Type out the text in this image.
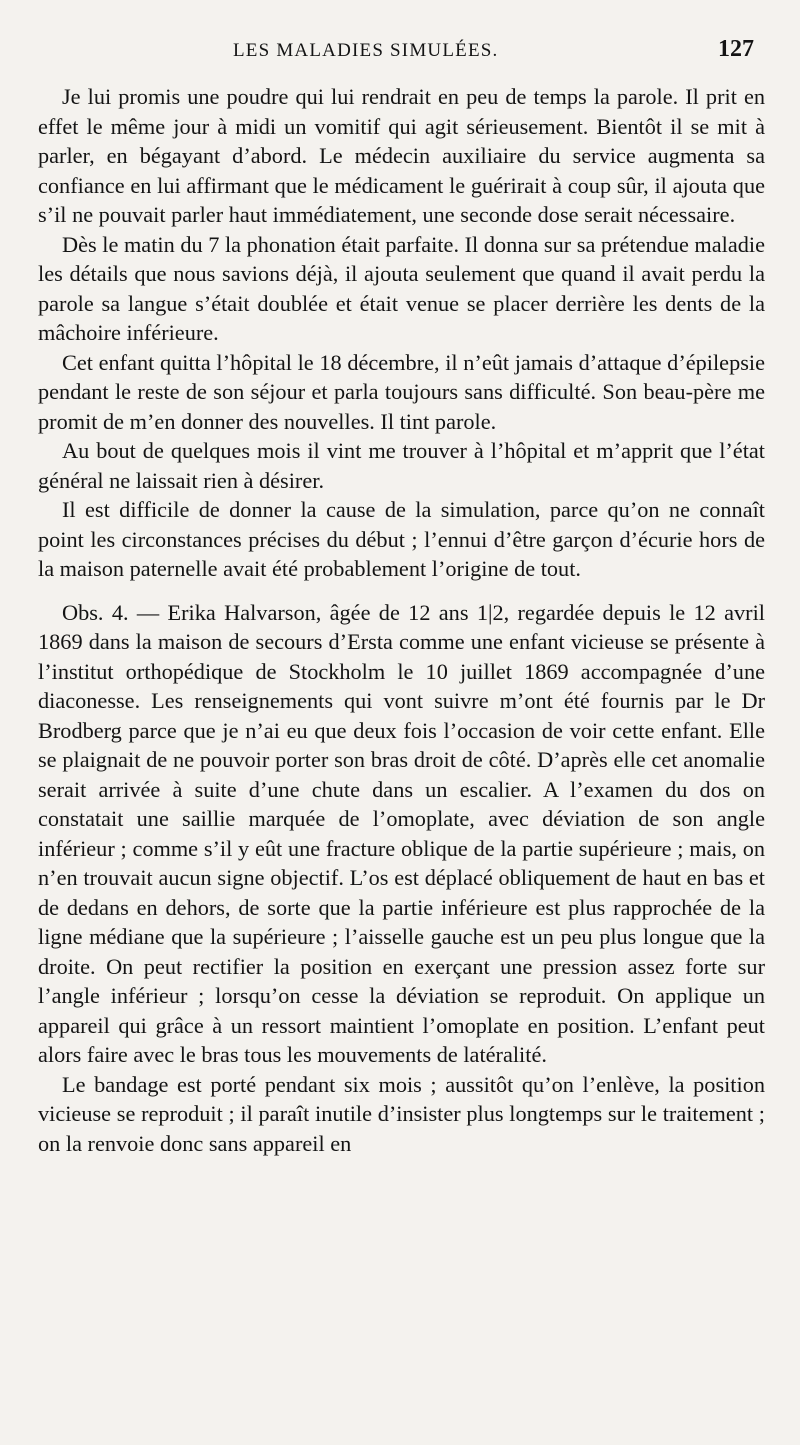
LES MALADIES SIMULÉES.	127

Je lui promis une poudre qui lui rendrait en peu de temps la parole. Il prit en effet le même jour à midi un vomitif qui agit sérieusement. Bientôt il se mit à parler, en bégayant d’abord. Le médecin auxiliaire du service augmenta sa confiance en lui affirmant que le médicament le guérirait à coup sûr, il ajouta que s’il ne pouvait parler haut immédiatement, une seconde dose serait nécessaire.

Dès le matin du 7 la phonation était parfaite. Il donna sur sa prétendue maladie les détails que nous savions déjà, il ajouta seulement que quand il avait perdu la parole sa langue s’était doublée et était venue se placer derrière les dents de la mâchoire inférieure.

Cet enfant quitta l’hôpital le 18 décembre, il n’eût jamais d’attaque d’épilepsie pendant le reste de son séjour et parla toujours sans difficulté. Son beau-père me promit de m’en donner des nouvelles. Il tint parole.

Au bout de quelques mois il vint me trouver à l’hôpital et m’apprit que l’état général ne laissait rien à désirer.

Il est difficile de donner la cause de la simulation, parce qu’on ne connaît point les circonstances précises du début ; l’ennui d’être garçon d’écurie hors de la maison paternelle avait été probablement l’origine de tout.

Obs. 4. — Erika Halvarson, âgée de 12 ans 1|2, regardée depuis le 12 avril 1869 dans la maison de secours d’Ersta comme une enfant vicieuse se présente à l’institut orthopédique de Stockholm le 10 juillet 1869 accompagnée d’une diaconesse. Les renseignements qui vont suivre m’ont été fournis par le Dr Brodberg parce que je n’ai eu que deux fois l’occasion de voir cette enfant. Elle se plaignait de ne pouvoir porter son bras droit de côté. D’après elle cet anomalie serait arrivée à suite d’une chute dans un escalier. A l’examen du dos on constatait une saillie marquée de l’omoplate, avec déviation de son angle inférieur ; comme s’il y eût une fracture oblique de la partie supérieure ; mais, on n’en trouvait aucun signe objectif. L’os est déplacé obliquement de haut en bas et de dedans en dehors, de sorte que la partie inférieure est plus rapprochée de la ligne médiane que la supérieure ; l’aisselle gauche est un peu plus longue que la droite. On peut rectifier la position en exerçant une pression assez forte sur l’angle inférieur ; lorsqu’on cesse la déviation se reproduit. On applique un appareil qui grâce à un ressort maintient l’omoplate en position. L’enfant peut alors faire avec le bras tous les mouvements de latéralité.

Le bandage est porté pendant six mois ; aussitôt qu’on l’enlève, la position vicieuse se reproduit ; il paraît inutile d’insister plus longtemps sur le traitement ; on la renvoie donc sans appareil en
